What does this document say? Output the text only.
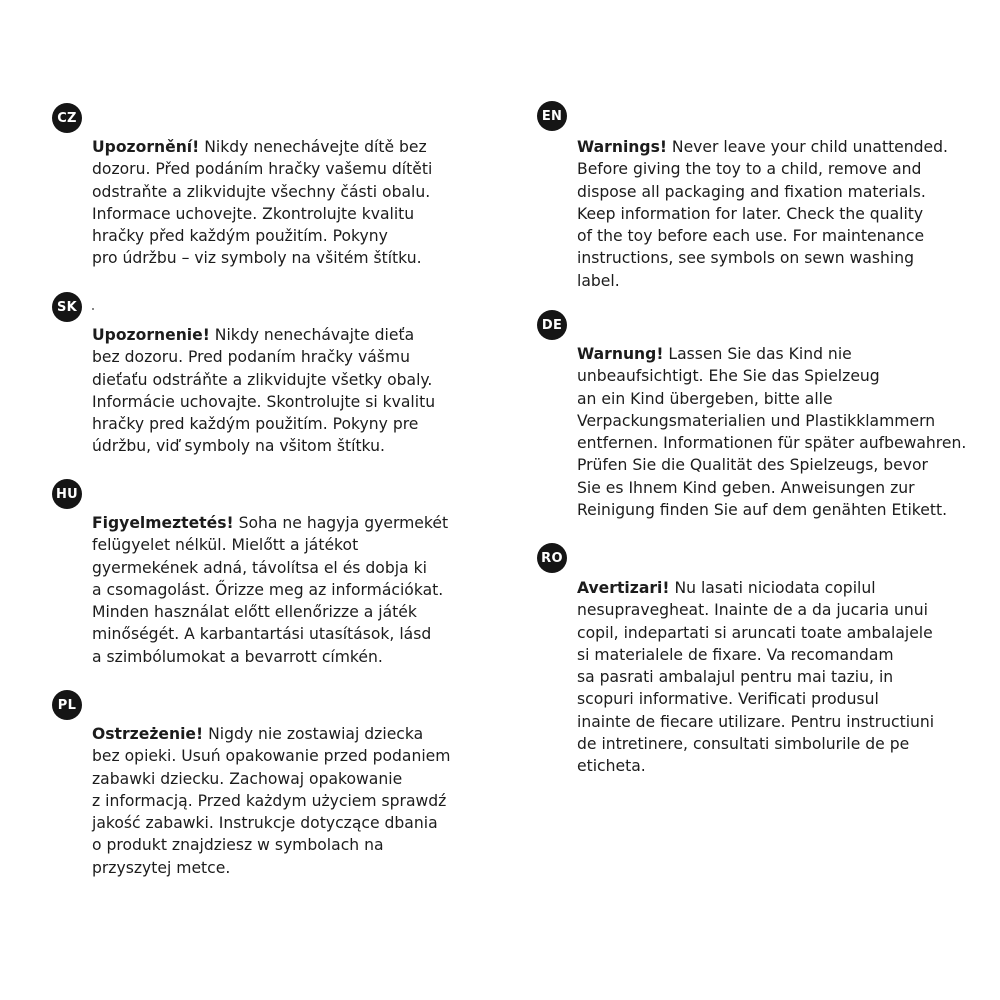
CZ
Upozornění! Nikdy nenechávejte dítě bez
dozoru. Před podáním hračky vašemu dítěti
odstraňte a zlikvidujte všechny části obalu.
Informace uchovejte. Zkontrolujte kvalitu
hračky před každým použitím. Pokyny
pro údržbu – viz symboly na všitém štítku.
SK
Upozornenie! Nikdy nenechávajte dieťa
bez dozoru. Pred podaním hračky vášmu
dieťaťu odstráňte a zlikvidujte všetky obaly.
Informácie uchovajte. Skontrolujte si kvalitu
hračky pred každým použitím. Pokyny pre
údržbu, viď symboly na všitom štítku.
HU
Figyelmeztetés! Soha ne hagyja gyermekét
felügyelet nélkül. Mielőtt a játékot
gyermekének adná, távolítsa el és dobja ki
a csomagolást. Őrizze meg az információkat.
Minden használat előtt ellenőrizze a játék
minőségét. A karbantartási utasítások, lásd
a szimbólumokat a bevarrott címkén.
PL
Ostrzeżenie! Nigdy nie zostawiaj dziecka
bez opieki. Usuń opakowanie przed podaniem
zabawki dziecku. Zachowaj opakowanie
z informacją. Przed każdym użyciem sprawdź
jakość zabawki. Instrukcje dotyczące dbania
o produkt znajdziesz w symbolach na
przyszytej metce.
EN
Warnings! Never leave your child unattended.
Before giving the toy to a child, remove and
dispose all packaging and fixation materials.
Keep information for later. Check the quality
of the toy before each use. For maintenance
instructions, see symbols on sewn washing
label.
DE
Warnung! Lassen Sie das Kind nie
unbeaufsichtigt. Ehe Sie das Spielzeug
an ein Kind übergeben, bitte alle
Verpackungsmaterialien und Plastikklammern
entfernen. Informationen für später aufbewahren.
Prüfen Sie die Qualität des Spielzeugs, bevor
Sie es Ihnem Kind geben. Anweisungen zur
Reinigung finden Sie auf dem genähten Etikett.
RO
Avertizari! Nu lasati niciodata copilul
nesupravegheat. Inainte de a da jucaria unui
copil, indepartati si aruncati toate ambalajele
si materialele de fixare. Va recomandam
sa pasrati ambalajul pentru mai taziu, in
scopuri informative. Verificati produsul
inainte de fiecare utilizare. Pentru instructiuni
de intretinere, consultati simbolurile de pe
eticheta.
